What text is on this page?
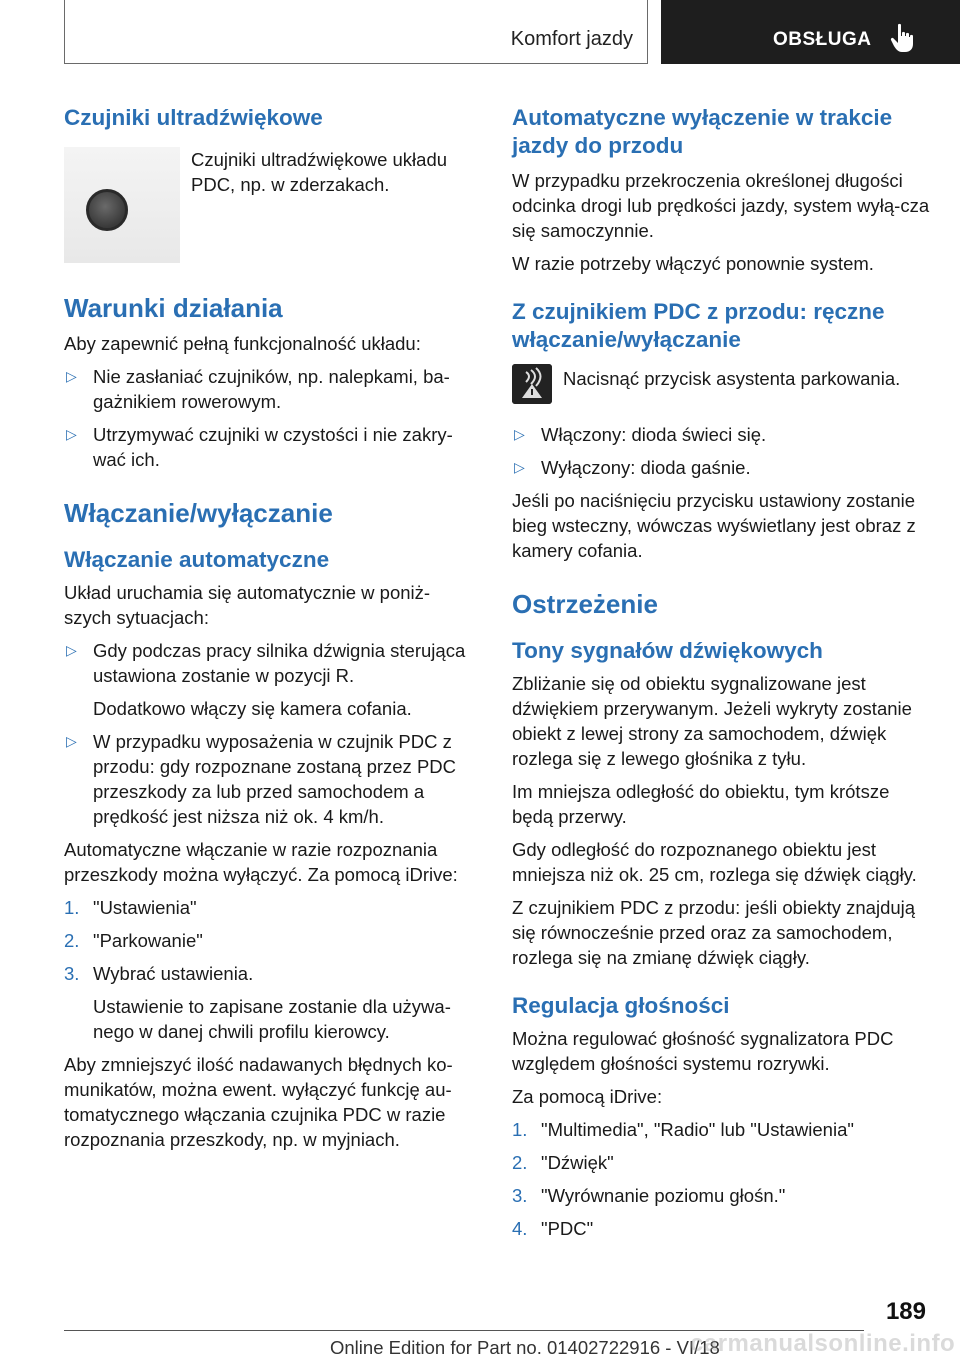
Komfort jazdy	OBSŁUGA
Czujniki ultradźwiękowe

Czujniki ultradźwiękowe układu PDC, np. w zderzakach.

Warunki działania

Aby zapewnić pełną funkcjonalność układu:

▷ Nie zasłaniać czujników, np. nalepkami, ba-gażnikiem rowerowym.
▷ Utrzymywać czujniki w czystości i nie zakry-wać ich.
Włączanie/wyłączanie
Włączanie automatyczne

Układ uruchamia się automatycznie w poniż-szych sytuacjach:

▷ Gdy podczas pracy silnika dźwignia sterująca ustawiona zostanie w pozycji R.
Dodatkowo włączy się kamera cofania.
▷ W przypadku wyposażenia w czujnik PDC z przodu: gdy rozpoznane zostaną przez PDC przeszkody za lub przed samochodem a prędkość jest niższa niż ok. 4 km/h.

Automatyczne włączanie w razie rozpoznania przeszkody można wyłączyć. Za pomocą iDrive:

1. "Ustawienia"
2. "Parkowanie"
3. Wybrać ustawienia.
Ustawienie to zapisane zostanie dla używa-nego w danej chwili profilu kierowcy.

Aby zmniejszyć ilość nadawanych błędnych ko-munikatów, można ewent. wyłączyć funkcję au-tomatycznego włączania czujnika PDC w razie rozpoznania przeszkody, np. w myjniach.

Automatyczne wyłączenie w trakcie jazdy do przodu

W przypadku przekroczenia określonej długości odcinka drogi lub prędkości jazdy, system wyłą-cza się samoczynnie.

W razie potrzeby włączyć ponownie system.

Z czujnikiem PDC z przodu: ręczne włączanie/wyłączanie

Nacisnąć przycisk asystenta parkowania.

▷ Włączony: dioda świeci się.
▷ Wyłączony: dioda gaśnie.

Jeśli po naciśnięciu przycisku ustawiony zostanie bieg wsteczny, wówczas wyświetlany jest obraz z kamery cofania.

Ostrzeżenie
Tony sygnałów dźwiękowych

Zbliżanie się od obiektu sygnalizowane jest dźwiękiem przerywanym. Jeżeli wykryty zostanie obiekt z lewej strony za samochodem, dźwięk rozlega się z lewego głośnika z tyłu.

Im mniejsza odległość do obiektu, tym krótsze będą przerwy.

Gdy odległość do rozpoznanego obiektu jest mniejsza niż ok. 25 cm, rozlega się dźwięk ciągły.

Z czujnikiem PDC z przodu: jeśli obiekty znajdują się równocześnie przed oraz za samochodem, rozlega się na zmianę dźwięk ciągły.

Regulacja głośności

Można regulować głośność sygnalizatora PDC względem głośności systemu rozrywki.

Za pomocą iDrive:

1. "Multimedia", "Radio" lub "Ustawienia"
2. "Dźwięk"
3. "Wyrównanie poziomu głośn."
4. "PDC"
189
Online Edition for Part no. 01402722916 - VI/18
carmanualsonline.info
